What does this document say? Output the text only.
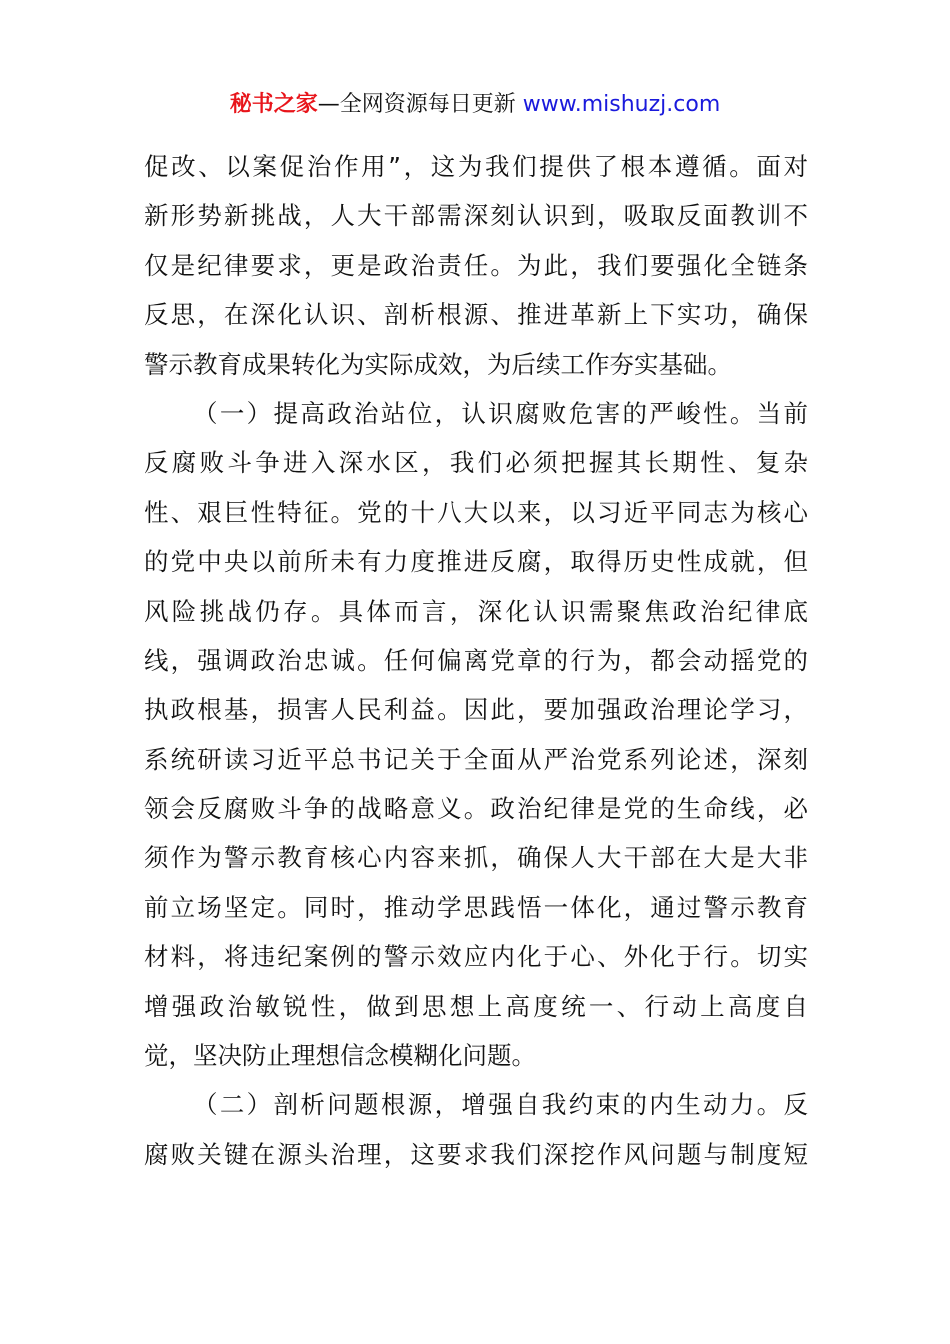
秘书之家—全网资源每日更新 www.mishuzj.com
促改、以案促治作用”，这为我们提供了根本遵循。面对
新形势新挑战，人大干部需深刻认识到，吸取反面教训不
仅是纪律要求，更是政治责任。为此，我们要强化全链条
反思，在深化认识、剖析根源、推进革新上下实功，确保
警示教育成果转化为实际成效，为后续工作夯实基础。
（一）提高政治站位，认识腐败危害的严峻性。当前
反腐败斗争进入深水区，我们必须把握其长期性、复杂
性、艰巨性特征。党的十八大以来，以习近平同志为核心
的党中央以前所未有力度推进反腐，取得历史性成就，但
风险挑战仍存。具体而言，深化认识需聚焦政治纪律底
线，强调政治忠诚。任何偏离党章的行为，都会动摇党的
执政根基，损害人民利益。因此，要加强政治理论学习，
系统研读习近平总书记关于全面从严治党系列论述，深刻
领会反腐败斗争的战略意义。政治纪律是党的生命线，必
须作为警示教育核心内容来抓，确保人大干部在大是大非
前立场坚定。同时，推动学思践悟一体化，通过警示教育
材料，将违纪案例的警示效应内化于心、外化于行。切实
增强政治敏锐性，做到思想上高度统一、行动上高度自
觉，坚决防止理想信念模糊化问题。
（二）剖析问题根源，增强自我约束的内生动力。反
腐败关键在源头治理，这要求我们深挖作风问题与制度短
